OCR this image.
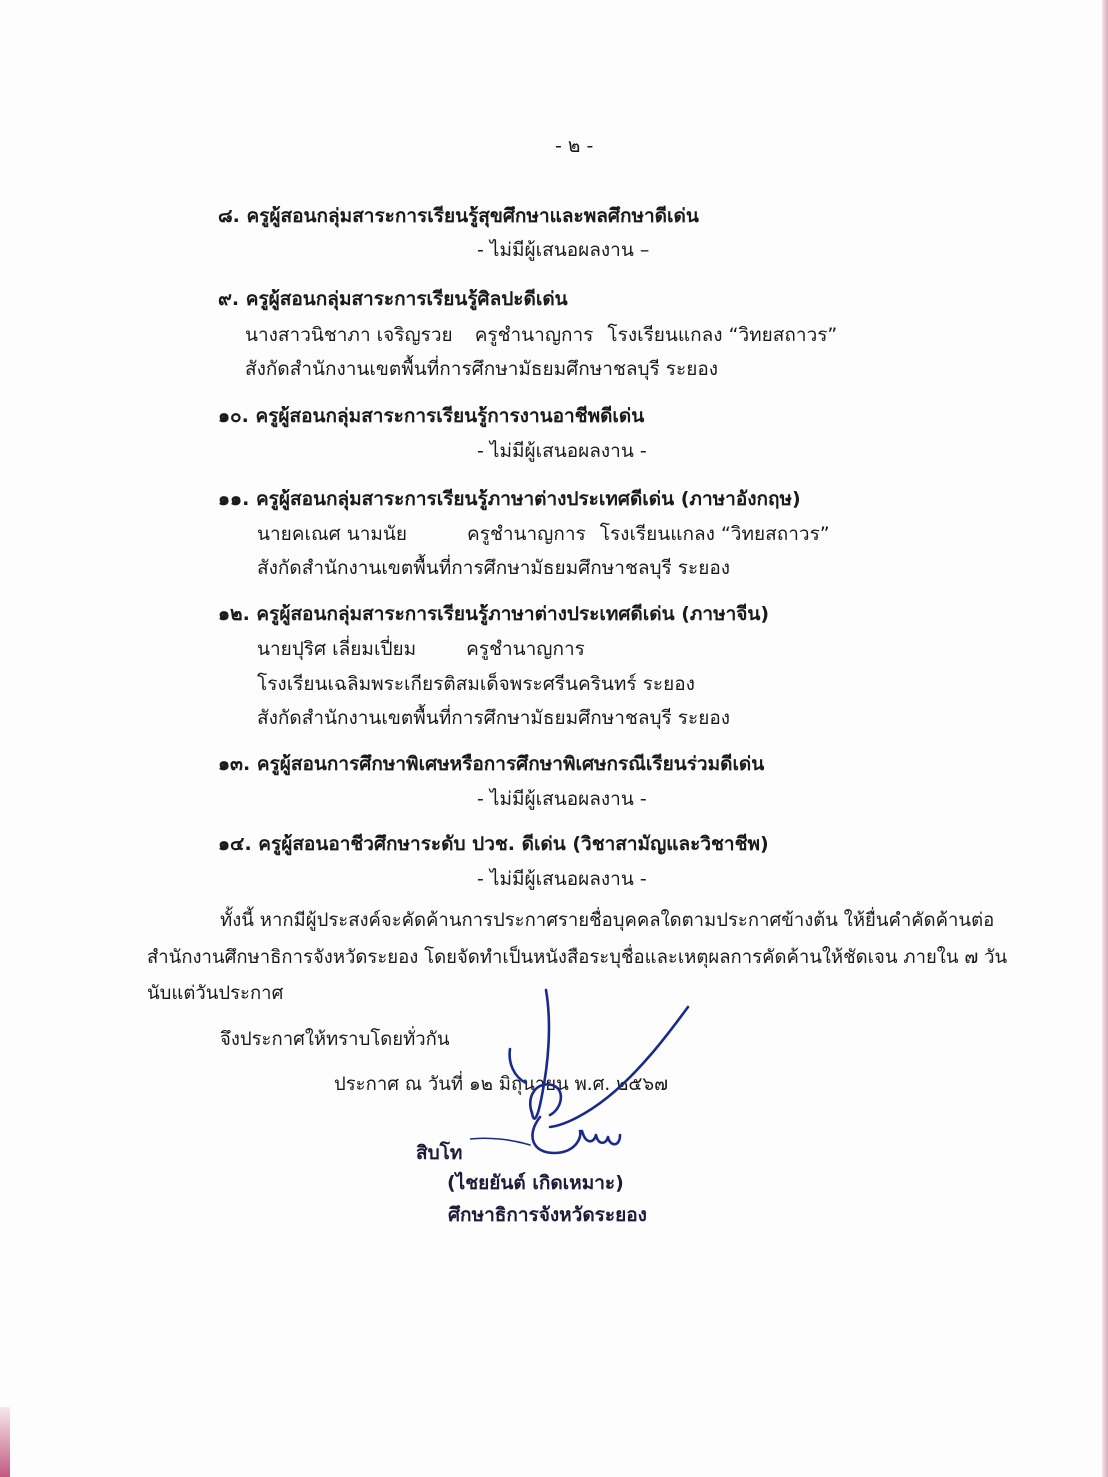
- ๒ -
๘. ครูผู้สอนกลุ่มสาระการเรียนรู้สุขศึกษาและพลศึกษาดีเด่น
- ไม่มีผู้เสนอผลงาน –
๙. ครูผู้สอนกลุ่มสาระการเรียนรู้ศิลปะดีเด่น
นางสาวนิชาภา เจริญรวย ครูชำนาญการ โรงเรียนแกลง “วิทยสถาวร”
สังกัดสำนักงานเขตพื้นที่การศึกษามัธยมศึกษาชลบุรี ระยอง
๑๐. ครูผู้สอนกลุ่มสาระการเรียนรู้การงานอาชีพดีเด่น
- ไม่มีผู้เสนอผลงาน -
๑๑. ครูผู้สอนกลุ่มสาระการเรียนรู้ภาษาต่างประเทศดีเด่น (ภาษาอังกฤษ)
นายคเณศ นามนัย	ครูชำนาญการ โรงเรียนแกลง “วิทยสถาวร”
สังกัดสำนักงานเขตพื้นที่การศึกษามัธยมศึกษาชลบุรี ระยอง
๑๒. ครูผู้สอนกลุ่มสาระการเรียนรู้ภาษาต่างประเทศดีเด่น (ภาษาจีน)
นายปุริศ เลี่ยมเปี่ยม	ครูชำนาญการ
โรงเรียนเฉลิมพระเกียรติสมเด็จพระศรีนครินทร์ ระยอง
สังกัดสำนักงานเขตพื้นที่การศึกษามัธยมศึกษาชลบุรี ระยอง
๑๓. ครูผู้สอนการศึกษาพิเศษหรือการศึกษาพิเศษกรณีเรียนร่วมดีเด่น
- ไม่มีผู้เสนอผลงาน -
๑๔. ครูผู้สอนอาชีวศึกษาระดับ ปวช. ดีเด่น (วิชาสามัญและวิชาชีพ)
- ไม่มีผู้เสนอผลงาน -
ทั้งนี้ หากมีผู้ประสงค์จะคัดค้านการประกาศรายชื่อบุคคลใดตามประกาศข้างต้น ให้ยื่นคำคัดค้านต่อ
สำนักงานศึกษาธิการจังหวัดระยอง โดยจัดทำเป็นหนังสือระบุชื่อและเหตุผลการคัดค้านให้ชัดเจน ภายใน ๗ วัน
นับแต่วันประกาศ
จึงประกาศให้ทราบโดยทั่วกัน
ประกาศ ณ วันที่ ๑๒ มิถุนายน พ.ศ. ๒๕๖๗
สิบโท
(ไชยยันต์ เกิดเหมาะ)
ศึกษาธิการจังหวัดระยอง
